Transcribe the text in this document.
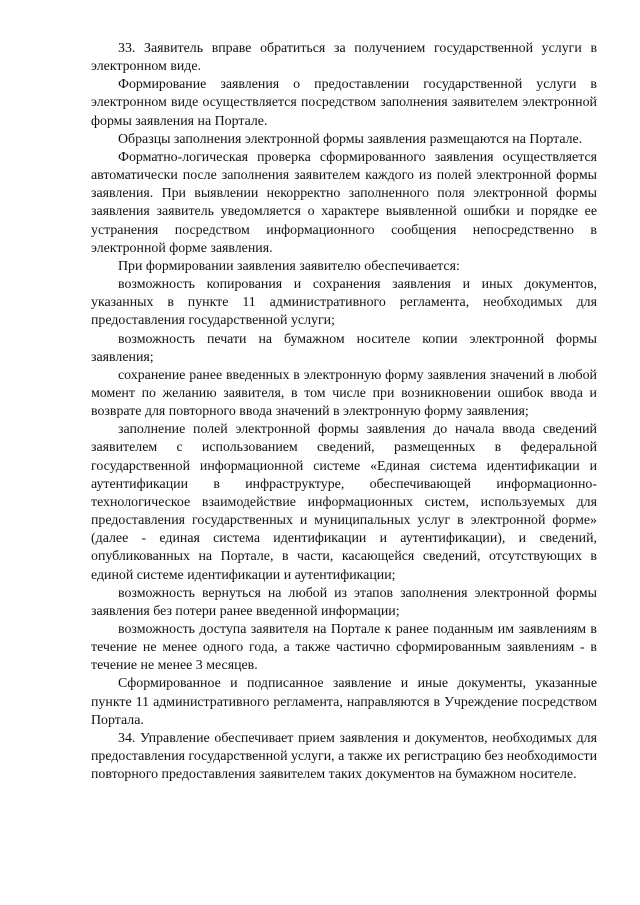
33. Заявитель вправе обратиться за получением государственной услуги в электронном виде.

Формирование заявления о предоставлении государственной услуги в электронном виде осуществляется посредством заполнения заявителем электронной формы заявления на Портале.

Образцы заполнения электронной формы заявления размещаются на Портале.

Форматно-логическая проверка сформированного заявления осуществляется автоматически после заполнения заявителем каждого из полей электронной формы заявления. При выявлении некорректно заполненного поля электронной формы заявления заявитель уведомляется о характере выявленной ошибки и порядке ее устранения посредством информационного сообщения непосредственно в электронной форме заявления.

При формировании заявления заявителю обеспечивается:

возможность копирования и сохранения заявления и иных документов, указанных в пункте 11 административного регламента, необходимых для предоставления государственной услуги;

возможность печати на бумажном носителе копии электронной формы заявления;

сохранение ранее введенных в электронную форму заявления значений в любой момент по желанию заявителя, в том числе при возникновении ошибок ввода и возврате для повторного ввода значений в электронную форму заявления;

заполнение полей электронной формы заявления до начала ввода сведений заявителем с использованием сведений, размещенных в федеральной государственной информационной системе «Единая система идентификации и аутентификации в инфраструктуре, обеспечивающей информационно-технологическое взаимодействие информационных систем, используемых для предоставления государственных и муниципальных услуг в электронной форме» (далее - единая система идентификации и аутентификации), и сведений, опубликованных на Портале, в части, касающейся сведений, отсутствующих в единой системе идентификации и аутентификации;

возможность вернуться на любой из этапов заполнения электронной формы заявления без потери ранее введенной информации;

возможность доступа заявителя на Портале к ранее поданным им заявлениям в течение не менее одного года, а также частично сформированным заявлениям - в течение не менее 3 месяцев.

Сформированное и подписанное заявление и иные документы, указанные пункте 11 административного регламента, направляются в Учреждение посредством Портала.

34. Управление обеспечивает прием заявления и документов, необходимых для предоставления государственной услуги, а также их регистрацию без необходимости повторного предоставления заявителем таких документов на бумажном носителе.
